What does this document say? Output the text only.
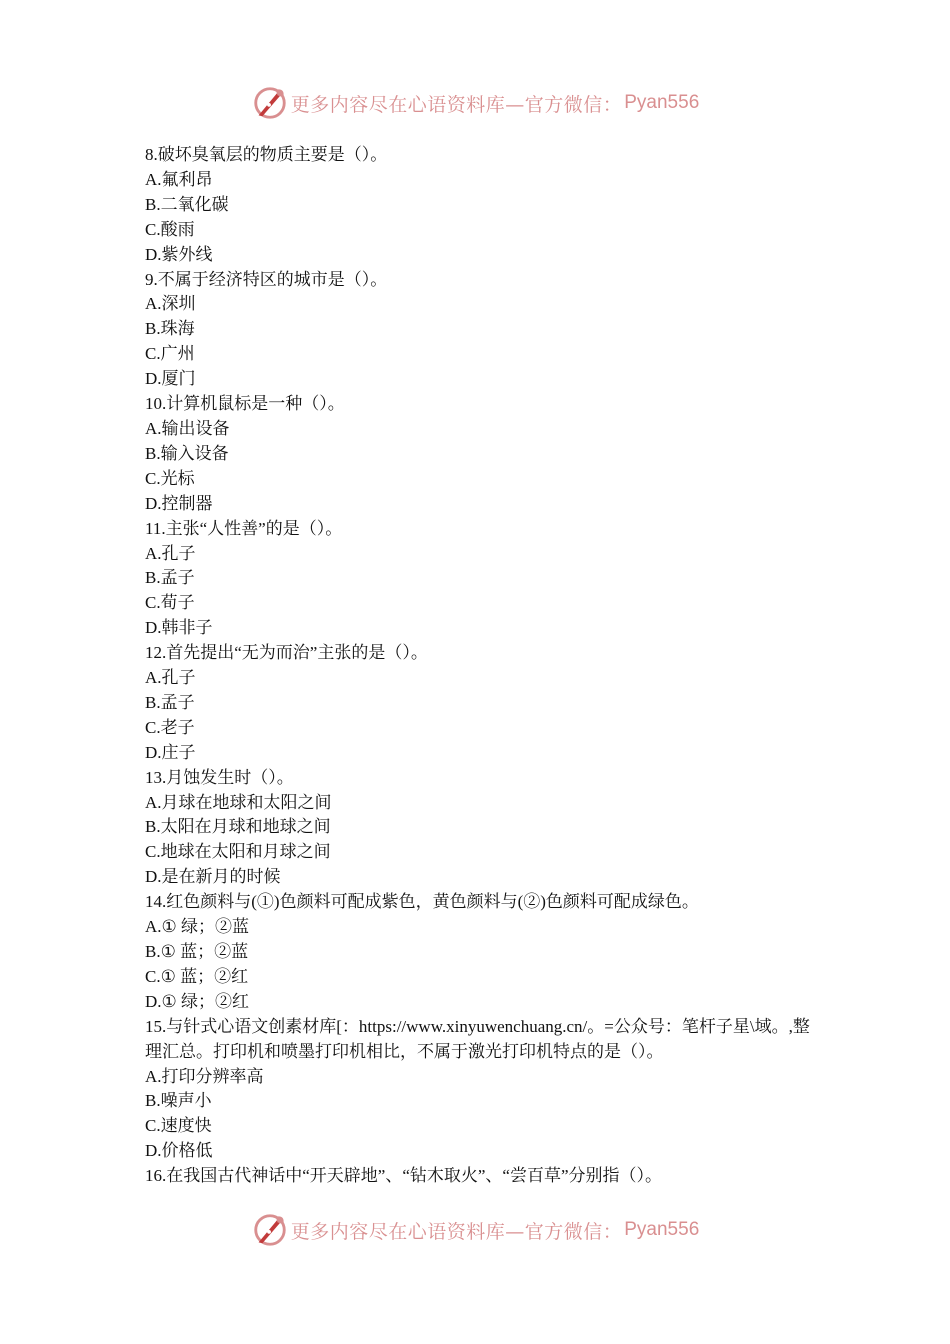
更多内容尽在心语资料库—官方微信： Pyan556
8.破坏臭氧层的物质主要是（）。
A.氟利昂
B.二氧化碳
C.酸雨
D.紫外线
9.不属于经济特区的城市是（）。
A.深圳
B.珠海
C.广州
D.厦门
10.计算机鼠标是一种（）。
A.输出设备
B.输入设备
C.光标
D.控制器
11.主张“人性善”的是（）。
A.孔子
B.孟子
C.荀子
D.韩非子
12.首先提出“无为而治”主张的是（）。
A.孔子
B.孟子
C.老子
D.庄子
13.月蚀发生时（）。
A.月球在地球和太阳之间
B.太阳在月球和地球之间
C.地球在太阳和月球之间
D.是在新月的时候
14.红色颜料与(①)色颜料可配成紫色，黄色颜料与(②)色颜料可配成绿色。
A.① 绿；②蓝
B.① 蓝；②蓝
C.① 蓝；②红
D.① 绿；②红
15.与针式心语文创素材库[：https://www.xinyuwenchuang.cn/。=公众号：笔杆子星\域。,整理汇总。打印机和喷墨打印机相比，不属于激光打印机特点的是（）。
A.打印分辨率高
B.噪声小
C.速度快
D.价格低
16.在我国古代神话中“开天辟地”、“钻木取火”、“尝百草”分别指（）。
更多内容尽在心语资料库—官方微信： Pyan556
